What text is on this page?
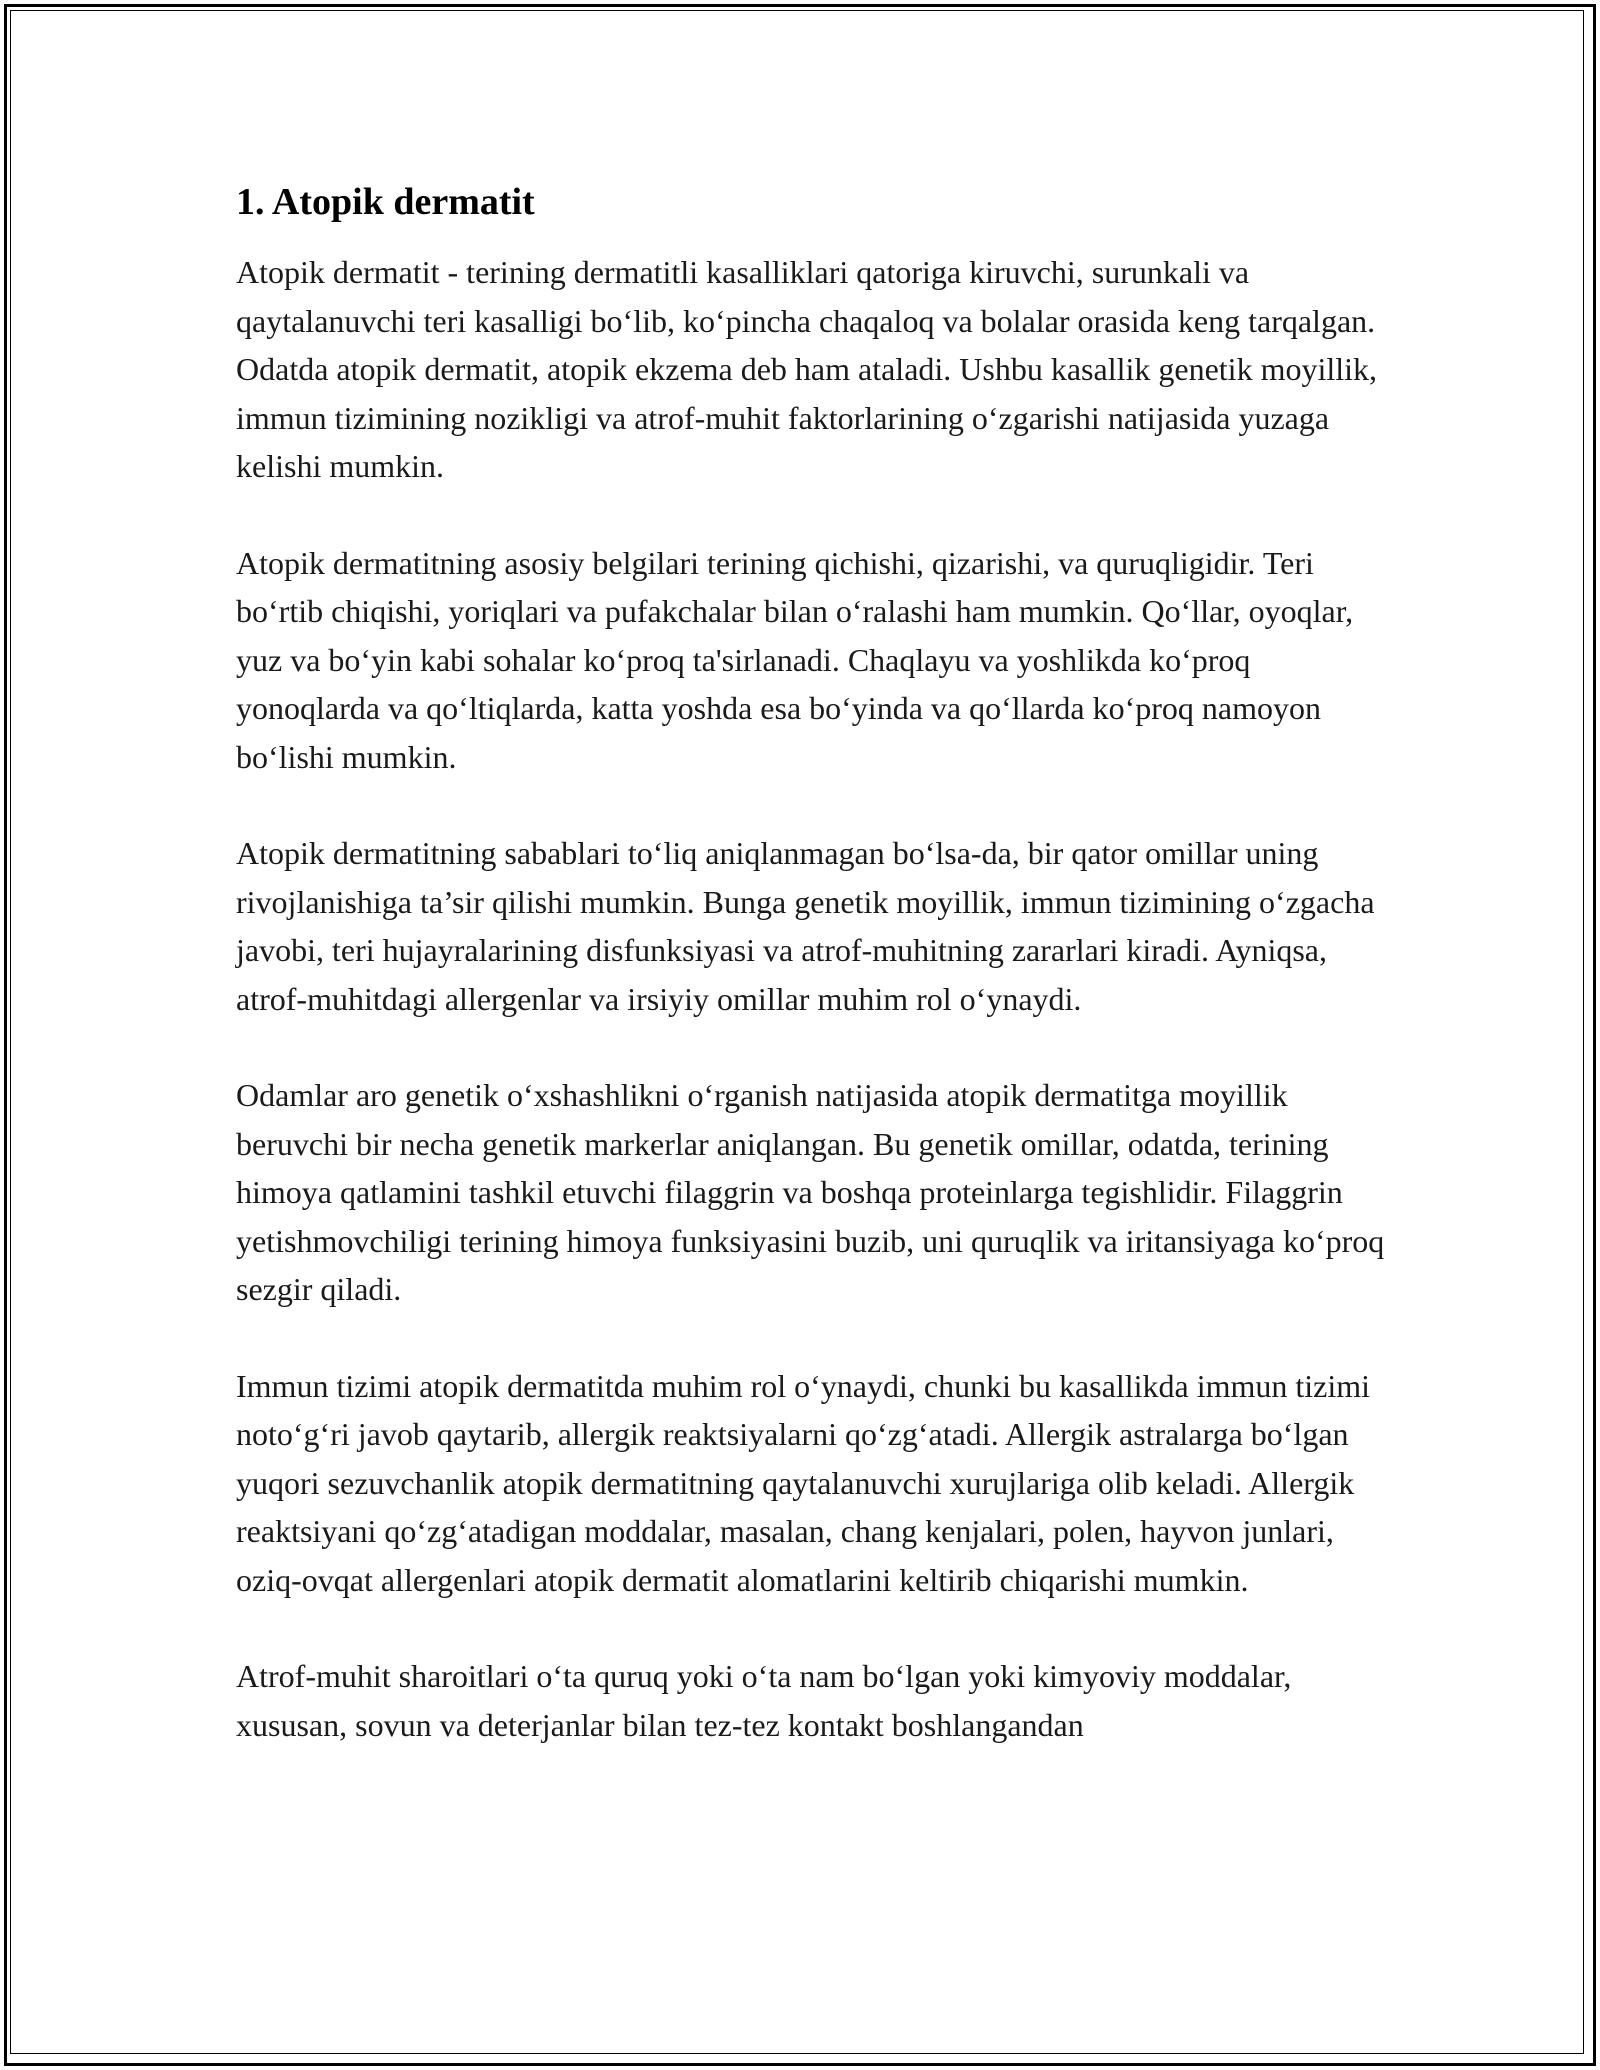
1. Atopik dermatit

Atopik dermatit - terining dermatitli kasalliklari qatoriga kiruvchi, surunkali va qaytalanuvchi teri kasalligi bo‘lib, ko‘pincha chaqaloq va bolalar orasida keng tarqalgan. Odatda atopik dermatit, atopik ekzema deb ham ataladi. Ushbu kasallik genetik moyillik, immun tizimining nozikligi va atrof-muhit faktorlarining o‘zgarishi natijasida yuzaga kelishi mumkin.

Atopik dermatitning asosiy belgilari terining qichishi, qizarishi, va quruqligidir. Teri bo‘rtib chiqishi, yoriqlari va pufakchalar bilan o‘ralashi ham mumkin. Qo‘llar, oyoqlar, yuz va bo‘yin kabi sohalar ko‘proq ta'sirlanadi. Chaqlayu va yoshlikda ko‘proq yonoqlarda va qo‘ltiqlarda, katta yoshda esa bo‘yinda va qo‘llarda ko‘proq namoyon bo‘lishi mumkin.

Atopik dermatitning sabablari to‘liq aniqlanmagan bo‘lsa-da, bir qator omillar uning rivojlanishiga ta’sir qilishi mumkin. Bunga genetik moyillik, immun tizimining o‘zgacha javobi, teri hujayralarining disfunksiyasi va atrof-muhitning zararlari kiradi. Ayniqsa, atrof-muhitdagi allergenlar va irsiyiy omillar muhim rol o‘ynaydi.

Odamlar aro genetik o‘xshashlikni o‘rganish natijasida atopik dermatitga moyillik beruvchi bir necha genetik markerlar aniqlangan. Bu genetik omillar, odatda, terining himoya qatlamini tashkil etuvchi filaggrin va boshqa proteinlarga tegishlidir. Filaggrin yetishmovchiligi terining himoya funksiyasini buzib, uni quruqlik va iritansiyaga ko‘proq sezgir qiladi.

Immun tizimi atopik dermatitda muhim rol o‘ynaydi, chunki bu kasallikda immun tizimi noto‘g‘ri javob qaytarib, allergik reaktsiyalarni qo‘zg‘atadi. Allergik astralarga bo‘lgan yuqori sezuvchanlik atopik dermatitning qaytalanuvchi xurujlariga olib keladi. Allergik reaktsiyani qo‘zg‘atadigan moddalar, masalan, chang kenjalari, polen, hayvon junlari, oziq-ovqat allergenlari atopik dermatit alomatlarini keltirib chiqarishi mumkin.

Atrof-muhit sharoitlari o‘ta quruq yoki o‘ta nam bo‘lgan yoki kimyoviy moddalar, xususan, sovun va deterjanlar bilan tez-tez kontakt boshlangandan
